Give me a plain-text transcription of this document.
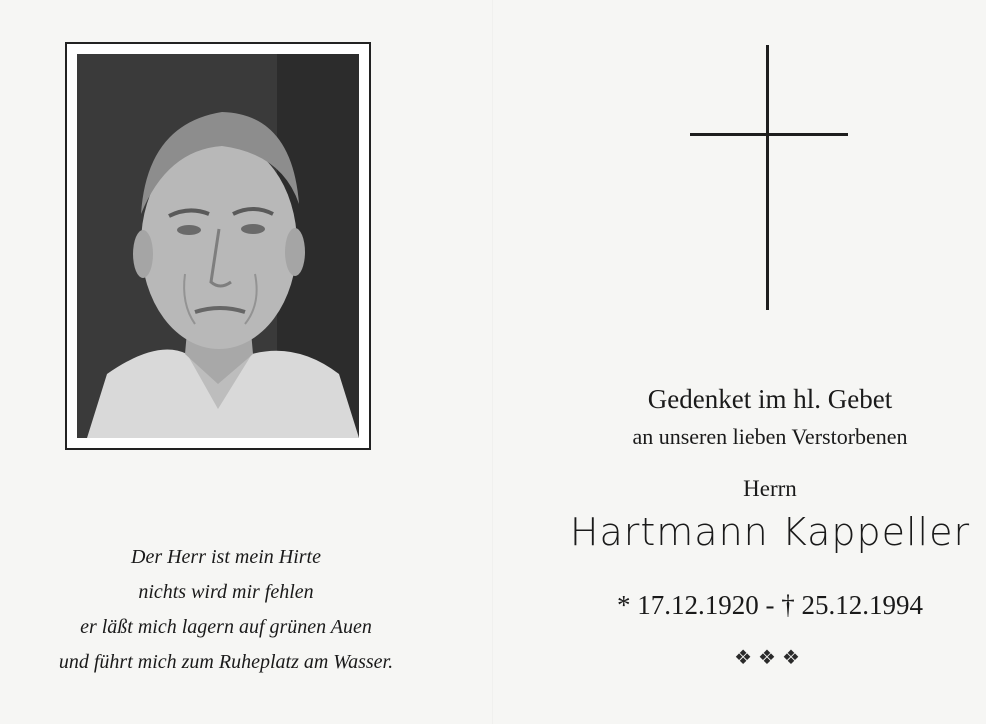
Der Herr ist mein Hirte
nichts wird mir fehlen
er läßt mich lagern auf grünen Auen
und führt mich zum Ruheplatz am Wasser.
Gedenket im hl. Gebet
an unseren lieben Verstorbenen
Herrn
Hartmann Kappeller
* 17.12.1920 - † 25.12.1994
❖❖❖
